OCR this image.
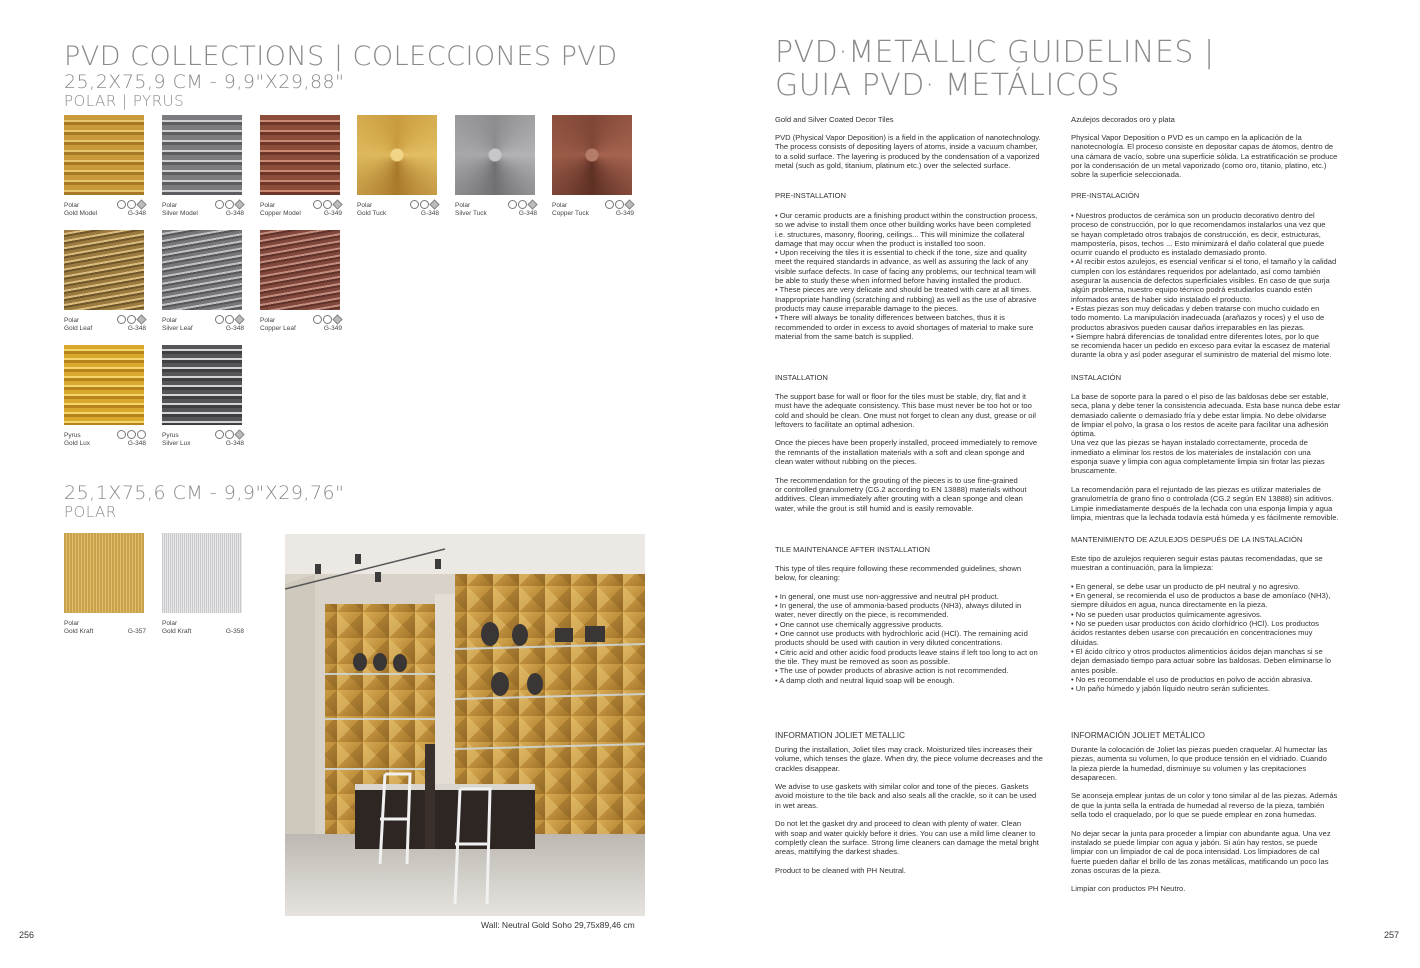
PVD COLLECTIONS | COLECCIONES PVD
25,2X75,9 CM - 9,9"X29,88"
POLAR | PYRUS
Polar
Gold Model	G-348
Polar
Silver Model	G-348
Polar
Copper Model	G-349
Polar
Gold Tuck	G-348
Polar
Silver Tuck	G-348
Polar
Copper Tuck	G-349
Polar
Gold Leaf	G-348
Polar
Silver Leaf	G-348
Polar
Copper Leaf	G-349
Pyrus
Gold Lux	G-348
Pyrus
Silver Lux	G-348
25,1X75,6 CM - 9,9"X29,76"
POLAR
Polar
Gold Kraft	G-357
Polar
Gold Kraft	G-358
Wall: Neutral Gold Soho 29,75x89,46 cm
256
PVD·METALLIC GUIDELINES |
GUIA PVD· METÁLICOS
Gold and Silver Coated Decor Tiles
PVD (Physical Vapor Deposition) is a field in the application of nanotechnology.
The process consists of depositing layers of atoms, inside a vacuum chamber,
to a solid surface. The layering is produced by the condensation of a vaporized
metal (such as gold, titanium, platinum etc.) over the selected surface.
PRE-INSTALLATION
• Our ceramic products are a finishing product within the construction process,
so we advise to install them once other building works have been completed
i.e. structures, masonry, flooring, ceilings... This will minimize the collateral
damage that may occur when the product is installed too soon.
• Upon receiving the tiles it is essential to check if the tone, size and quality
meet the required standards in advance, as well as assuring the lack of any
visible surface defects. In case of facing any problems, our technical team will
be able to study these when informed before having installed the product.
• These pieces are very delicate and should be treated with care at all times.
Inappropriate handling (scratching and rubbing) as well as the use of abrasive
products may cause irreparable damage to the pieces.
• There will always be tonality differences between batches, thus it is
recommended to order in excess to avoid shortages of material to make sure
material from the same batch is supplied.
INSTALLATION
The support base for wall or floor for the tiles must be stable, dry, flat and it
must have the adequate consistency. This base must never be too hot or too
cold and should be clean. One must not forget to clean any dust, grease or oil
leftovers to facilitate an optimal adhesion.

Once the pieces have been properly installed, proceed immediately to remove
the remnants of the installation materials with a soft and clean sponge and
clean water without rubbing on the pieces.

The recommendation for the grouting of the pieces is to use fine-grained
or controlled granulometry (CG.2 according to EN 13888) materials without
additives. Clean immediately after grouting with a clean sponge and clean
water, while the grout is still humid and is easily removable.
TILE MAINTENANCE AFTER INSTALLATION
This type of tiles require following these recommended guidelines, shown
below, for cleaning:

• In general, one must use non-aggressive and neutral pH product.
• In general, the use of ammonia-based products (NH3), always diluted in
water, never directly on the piece, is recommended.
• One cannot use chemically aggressive products.
• One cannot use products with hydrochloric acid (HCl). The remaining acid
products should be used with caution in very diluted concentrations.
• Citric acid and other acidic food products leave stains if left too long to act on
the tile. They must be removed as soon as possible.
• The use of powder products of abrasive action is not recommended.
• A damp cloth and neutral liquid soap will be enough.
INFORMATION JOLIET METALLIC
During the installation, Joliet tiles may crack. Moisturized tiles increases their
volume, which tenses the glaze. When dry, the piece volume decreases and the
crackles disappear.

We advise to use gaskets with similar color and tone of the pieces. Gaskets
avoid moisture to the tile back and also seals all the crackle, so it can be used
in wet areas.

Do not let the gasket dry and proceed to clean with plenty of water. Clean
with soap and water quickly before it dries. You can use a mild lime cleaner to
completly clean the surface. Strong lime cleaners can damage the metal bright
areas, mattifying the darkest shades.

Product to be cleaned with PH Neutral.
Azulejos decorados oro y plata
Physical Vapor Deposition o PVD es un campo en la aplicación de la
nanotecnología. El proceso consiste en depositar capas de átomos, dentro de
una cámara de vacío, sobre una superficie sólida. La estratificación se produce
por la condensación de un metal vaporizado (como oro, titanio, platino, etc.)
sobre la superficie seleccionada.
PRE-INSTALACIÓN
• Nuestros productos de cerámica son un producto decorativo dentro del
proceso de construcción, por lo que recomendamos instalarlos una vez que
se hayan completado otros trabajos de construcción, es decir, estructuras,
mampostería, pisos, techos ... Esto minimizará el daño colateral que puede
ocurrir cuando el producto es instalado demasiado pronto.
• Al recibir estos azulejos, es esencial verificar si el tono, el tamaño y la calidad
cumplen con los estándares requeridos por adelantado, así como también
asegurar la ausencia de defectos superficiales visibles. En caso de que surja
algún problema, nuestro equipo técnico podrá estudiarlos cuando estén
informados antes de haber sido instalado el producto.
• Estas piezas son muy delicadas y deben tratarse con mucho cuidado en
todo momento. La manipulación inadecuada (arañazos y roces) y el uso de
productos abrasivos pueden causar daños irreparables en las piezas.
• Siempre habrá diferencias de tonalidad entre diferentes lotes, por lo que
se recomienda hacer un pedido en exceso para evitar la escasez de material
durante la obra y así poder asegurar el suministro de material del mismo lote.
INSTALACIÓN
La base de soporte para la pared o el piso de las baldosas debe ser estable,
seca, plana y debe tener la consistencia adecuada. Esta base nunca debe estar
demasiado caliente o demasiado fría y debe estar limpia. No debe olvidarse
de limpiar el polvo, la grasa o los restos de aceite para facilitar una adhesión
óptima.
Una vez que las piezas se hayan instalado correctamente, proceda de
inmediato a eliminar los restos de los materiales de instalación con una
esponja suave y limpia con agua completamente limpia sin frotar las piezas
bruscamente.

La recomendación para el rejuntado de las piezas es utilizar materiales de
granulometría de grano fino o controlada (CG.2 según EN 13888) sin aditivos.
Limpie inmediatamente después de la lechada con una esponja limpia y agua
limpia, mientras que la lechada todavía está húmeda y es fácilmente removible.
MANTENIMIENTO DE AZULEJOS DESPUÉS DE LA INSTALACIÓN
Este tipo de azulejos requieren seguir estas pautas recomendadas, que se
muestran a continuación, para la limpieza:

• En general, se debe usar un producto de pH neutral y no agresivo.
• En general, se recomienda el uso de productos a base de amoníaco (NH3),
siempre diluidos en agua, nunca directamente en la pieza.
• No se pueden usar productos químicamente agresivos.
• No se pueden usar productos con ácido clorhídrico (HCl). Los productos
ácidos restantes deben usarse con precaución en concentraciones muy
diluidas.
• El ácido cítrico y otros productos alimenticios ácidos dejan manchas si se
dejan demasiado tiempo para actuar sobre las baldosas. Deben eliminarse lo
antes posible.
• No es recomendable el uso de productos en polvo de acción abrasiva.
• Un paño húmedo y jabón líquido neutro serán suficientes.
INFORMACIÓN JOLIET METÁLICO
Durante la colocación de Joliet las piezas pueden craquelar. Al humectar las
piezas, aumenta su volumen, lo que produce tensión en el vidriado. Cuando
la pieza pierde la humedad, disminuye su volumen y las crepitaciones
desaparecen.

Se aconseja emplear juntas de un color y tono similar al de las piezas. Además
de que la junta sella la entrada de humedad al reverso de la pieza, también
sella todo el craquelado, por lo que se puede emplear en zona humedas.

No dejar secar la junta para proceder a limpiar con abundante agua. Una vez
instalado se puede limpiar con agua y jabón. Si aún hay restos, se puede
limpiar con un limpiador de cal de poca intensidad. Los limpiadores de cal
fuerte pueden dañar el brillo de las zonas metálicas, matificando un poco las
zonas oscuras de la pieza.

Limpiar con productos PH Neutro.
257
